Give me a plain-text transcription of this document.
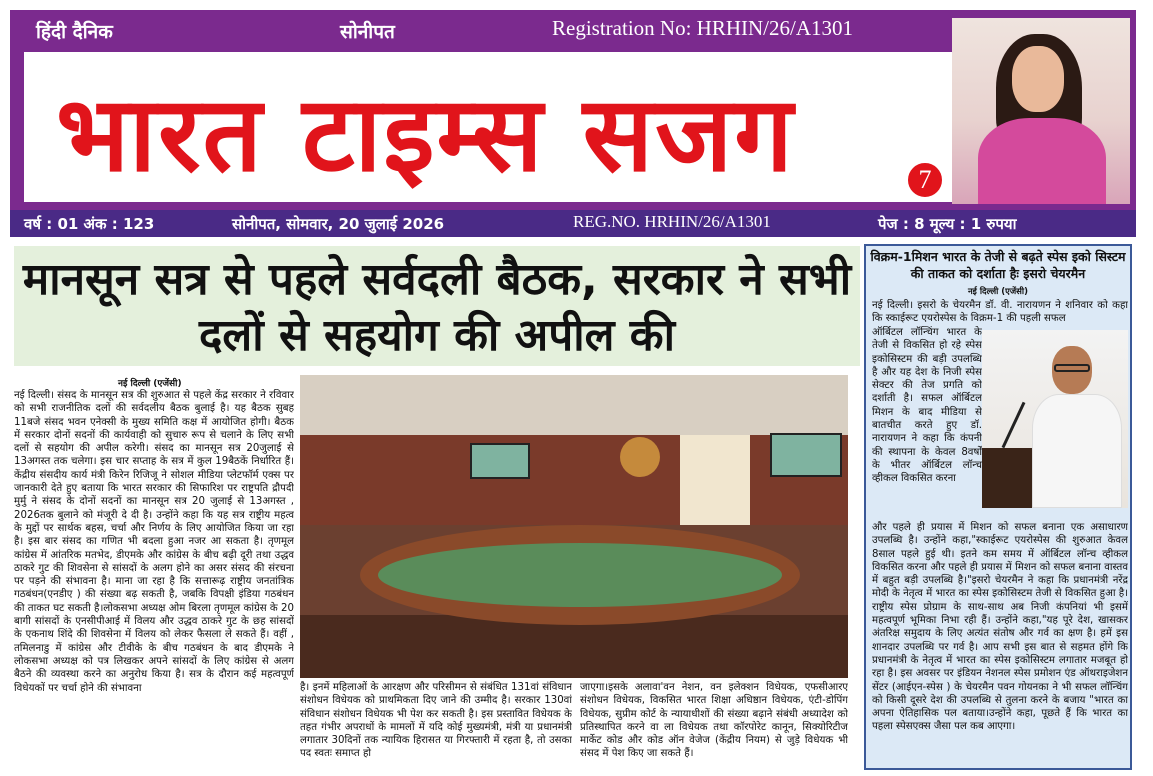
हिंदी दैनिक	सोनीपत	Registration No: HRHIN/26/A1301
भारत टाइम्स सजग	7
वर्ष : 01 अंक : 123	सोनीपत, सोमवार, 20 जुलाई 2026	REG.NO. HRHIN/26/A1301	पेज : 8 मूल्य : 1 रुपया
मानसून सत्र से पहले सर्वदली बैठक, सरकार ने सभी दलों से सहयोग की अपील की
नई दिल्ली (एजेंसी)
नई दिल्ली। संसद के मानसून सत्र की शुरुआत से पहले केंद्र सरकार ने रविवार को सभी राजनीतिक दलों की सर्वदलीय बैठक बुलाई है। यह बैठक सुबह 11बजे संसद भवन एनेक्सी के मुख्य समिति कक्ष में आयोजित होगी। बैठक में सरकार दोनों सदनों की कार्यवाही को सुचारु रूप से चलाने के लिए सभी दलों से सहयोग की अपील करेगी। संसद का मानसून सत्र 20जुलाई से 13अगस्त तक चलेगा। इस चार सप्ताह के सत्र में कुल 19बैठकें निर्धारित हैं। केंद्रीय संसदीय कार्य मंत्री किरेन रिजिजू ने सोशल मीडिया प्लेटफॉर्म एक्स पर जानकारी देते हुए बताया कि भारत सरकार की सिफारिश पर राष्ट्रपति द्रौपदी मुर्मु ने संसद के दोनों सदनों का मानसून सत्र 20 जुलाई से 13अगस्त , 2026तक बुलाने को मंजूरी दे दी है। उन्होंने कहा कि यह सत्र राष्ट्रीय महत्व के मुद्दों पर सार्थक बहस, चर्चा और निर्णय के लिए आयोजित किया जा रहा है। इस बार संसद का गणित भी बदला हुआ नजर आ सकता है। तृणमूल कांग्रेस में आंतरिक मतभेद, डीएमके और कांग्रेस के बीच बढ़ी दूरी तथा उद्धव ठाकरे गुट की शिवसेना से सांसदों के अलग होने का असर संसद की संरचना पर पड़ने की संभावना है। माना जा रहा है कि सत्तारूढ़ राष्ट्रीय जनतांत्रिक गठबंधन(एनडीए ) की संख्या बढ़ सकती है, जबकि विपक्षी इंडिया गठबंधन की ताकत घट सकती है।लोकसभा अध्यक्ष ओम बिरला तृणमूल कांग्रेस के 20 बागी सांसदों के एनसीपीआई में विलय और उद्धव ठाकरे गुट के छह सांसदों के एकनाथ शिंदे की शिवसेना में विलय को लेकर फैसला ले सकते हैं। वहीं , तमिलनाडु में कांग्रेस और टीवीके के बीच गठबंधन के बाद डीएमके ने लोकसभा अध्यक्ष को पत्र लिखकर अपने सांसदों के लिए कांग्रेस से अलग बैठने की व्यवस्था करने का अनुरोध किया है। सत्र के दौरान कई महत्वपूर्ण विधेयकों पर चर्चा होने की संभावना	है। इनमें महिलाओं के आरक्षण और परिसीमन से संबंधित 131वां संविधान संशोधन विधेयक को प्राथमिकता दिए जाने की उम्मीद है। सरकार 130वां संविधान संशोधन विधेयक भी पेश कर सकती है। इस प्रस्तावित विधेयक के तहत गंभीर अपराधों के मामलों में यदि कोई मुख्यमंत्री, मंत्री या प्रधानमंत्री लगातार 30दिनों तक न्यायिक हिरासत या गिरफ्तारी में रहता है, तो उसका पद स्वतः समाप्त हो
जाएगा।इसके अलावा'वन नेशन, वन इलेक्शन विधेयक, एफसीआरए संशोधन विधेयक, विकसित भारत शिक्षा अधिष्ठान विधेयक, एंटी-डोपिंग विधेयक, सुप्रीम कोर्ट के न्यायाधीशों की संख्या बढ़ाने संबंधी अध्यादेश को प्रतिस्थापित करने वा ला विधेयक तथा कॉरपोरेट कानून, सिक्योरिटीज मार्केट कोड और कोड ऑन वेजेज (केंद्रीय नियम) से जुड़े विधेयक भी संसद में पेश किए जा सकते हैं।
विक्रम-1मिशन भारत के तेजी से बढ़ते स्पेस इको सिस्टम की ताकत को दर्शाता हैः इसरो चेयरमैन
नई दिल्ली (एजेंसी)
नई दिल्ली। इसरो के चेयरमैन डॉ. वी. नारायणन ने शनिवार को कहा कि स्काईरूट एयरोस्पेस के विक्रम-1 की पहली सफल
ऑर्बिटल लॉन्चिंग भारत के तेजी से विकसित हो रहे स्पेस इकोसिस्टम की बड़ी उपलब्धि है और यह देश के निजी स्पेस सेक्टर की तेज प्रगति को दर्शाती है। सफल ऑर्बिटल मिशन के बाद मीडिया से बातचीत करते हुए डॉ. नारायणन ने कहा कि कंपनी की स्थापना के केवल 8वर्षों के भीतर ऑर्बिटल लॉन्च व्हीकल विकसित करना
और पहले ही प्रयास में मिशन को सफल बनाना एक असाधारण उपलब्धि है। उन्होंने कहा,"स्काईरूट एयरोस्पेस की शुरुआत केवल 8साल पहले हुई थी। इतने कम समय में ऑर्बिटल लॉन्च व्हीकल विकसित करना और पहले ही प्रयास में मिशन को सफल बनाना वास्तव में बहुत बड़ी उपलब्धि है।"इसरो चेयरमैन ने कहा कि प्रधानमंत्री नरेंद्र मोदी के नेतृत्व में भारत का स्पेस इकोसिस्टम तेजी से विकसित हुआ है। राष्ट्रीय स्पेस प्रोग्राम के साथ-साथ अब निजी कंपनियां भी इसमें महत्वपूर्ण भूमिका निभा रही हैं। उन्होंने कहा,"यह पूरे देश, खासकर अंतरिक्ष समुदाय के लिए अत्यंत संतोष और गर्व का क्षण है। हमें इस शानदार उपलब्धि पर गर्व है। आप सभी इस बात से सहमत होंगे कि प्रधानमंत्री के नेतृत्व में भारत का स्पेस इकोसिस्टम लगातार मजबूत हो रहा है। इस अवसर पर इंडियन नेशनल स्पेस प्रमोशन एंड ऑथराइजेशन सेंटर (आईएन-स्पेस ) के चेयरमैन पवन गोयनका ने भी सफल लॉन्चिंग को किसी दूसरे देश की उपलब्धि से तुलना करने के बजाय "भारत का अपना ऐतिहासिक पल बताया।उन्होंने कहा, पूछते हैं कि भारत का पहला स्पेसएक्स जैसा पल कब आएगा।
